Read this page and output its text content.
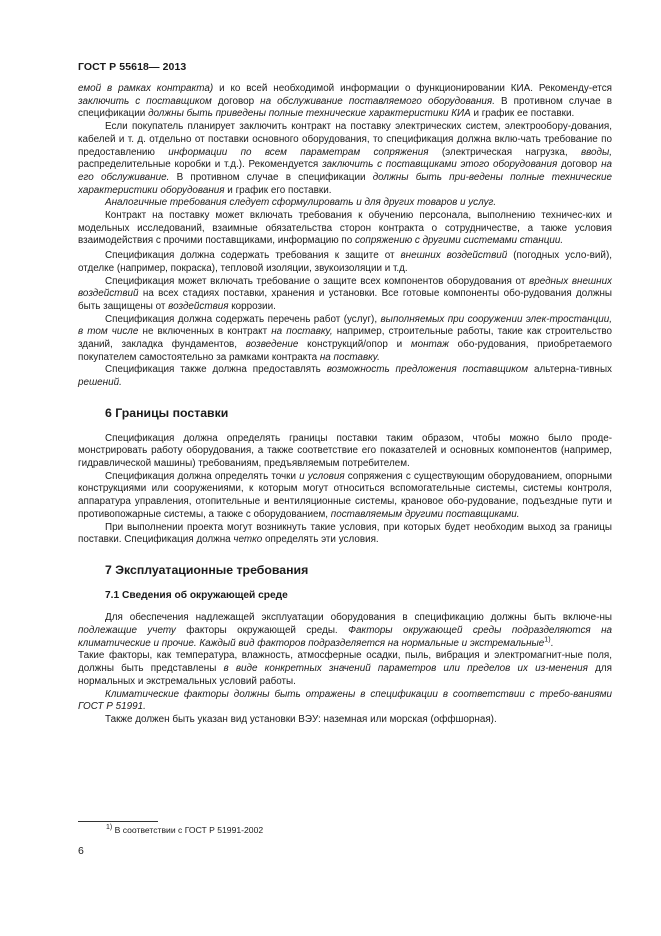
ГОСТ Р 55618— 2013

емой в рамках контракта) и ко всей необходимой информации о функционировании КИА. Рекоменду-ется заключить с поставщиком договор на обслуживание поставляемого оборудования. В противном случае в спецификации должны быть приведены полные технические характеристики КИА и график ее поставки.

Если покупатель планирует заключить контракт на поставку электрических систем, электрообору-дования, кабелей и т. д. отдельно от поставки основного оборудования, то спецификация должна вклю-чать требование по предоставлению информации по всем параметрам сопряжения (электрическая нагрузка, вводы, распределительные коробки и т.д.). Рекомендуется заключить с поставщиками этого оборудования договор на его обслуживание. В противном случае в спецификации должны быть при-ведены полные технические характеристики оборудования и график его поставки.

Аналогичные требования следует сформулировать и для других товаров и услуг.

Контракт на поставку может включать требования к обучению персонала, выполнению техничес-ких и модельных исследований, взаимные обязательства сторон контракта о сотрудничестве, а также условия взаимодействия с прочими поставщиками, информацию по сопряжению с другими системами станции.

Спецификация должна содержать требования к защите от внешних воздействий (погодных усло-вий), отделке (например, покраска), тепловой изоляции, звукоизоляции и т.д.

Спецификация может включать требование о защите всех компонентов оборудования от вредных внешних воздействий на всех стадиях поставки, хранения и установки. Все готовые компоненты обо-рудования должны быть защищены от воздействия коррозии.

Спецификация должна содержать перечень работ (услуг), выполняемых при сооружении элек-тростанции, в том числе не включенных в контракт на поставку, например, строительные работы, такие как строительство зданий, закладка фундаментов, возведение конструкций/опор и монтаж обо-рудования, приобретаемого покупателем самостоятельно за рамками контракта на поставку.

Спецификация также должна предоставлять возможность предложения поставщиком альтерна-тивных решений.

6 Границы поставки

Спецификация должна определять границы поставки таким образом, чтобы можно было проде-монстрировать работу оборудования, а также соответствие его показателей и основных компонентов (например, гидравлической машины) требованиям, предъявляемым потребителем.

Спецификация должна определять точки и условия сопряжения с существующим оборудованием, опорными конструкциями или сооружениями, к которым могут относиться вспомогательные системы, системы контроля, аппаратура управления, отопительные и вентиляционные системы, крановое обо-рудование, подъездные пути и противопожарные системы, а также с оборудованием, поставляемым другими поставщиками.

При выполнении проекта могут возникнуть такие условия, при которых будет необходим выход за границы поставки. Спецификация должна четко определять эти условия.

7 Эксплуатационные требования
7.1 Сведения об окружающей среде

Для обеспечения надлежащей эксплуатации оборудования в спецификацию должны быть включе-ны подлежащие учету факторы окружающей среды. Факторы окружающей среды подразделяются на климатические и прочие. Каждый вид факторов подразделяется на нормальные и экстремальные$^{1)}$.

Такие факторы, как температура, влажность, атмосферные осадки, пыль, вибрация и электромагнит-ные поля, должны быть представлены в виде конкретных значений параметров или пределов их из-менения для нормальных и экстремальных условий работы.

Климатические факторы должны быть отражены в спецификации в соответствии с требо-ваниями ГОСТ Р 51991.

Также должен быть указан вид установки ВЭУ: наземная или морская (оффшорная).

$^{1)}$ В соответствии с ГОСТ Р 51991-2002
6
